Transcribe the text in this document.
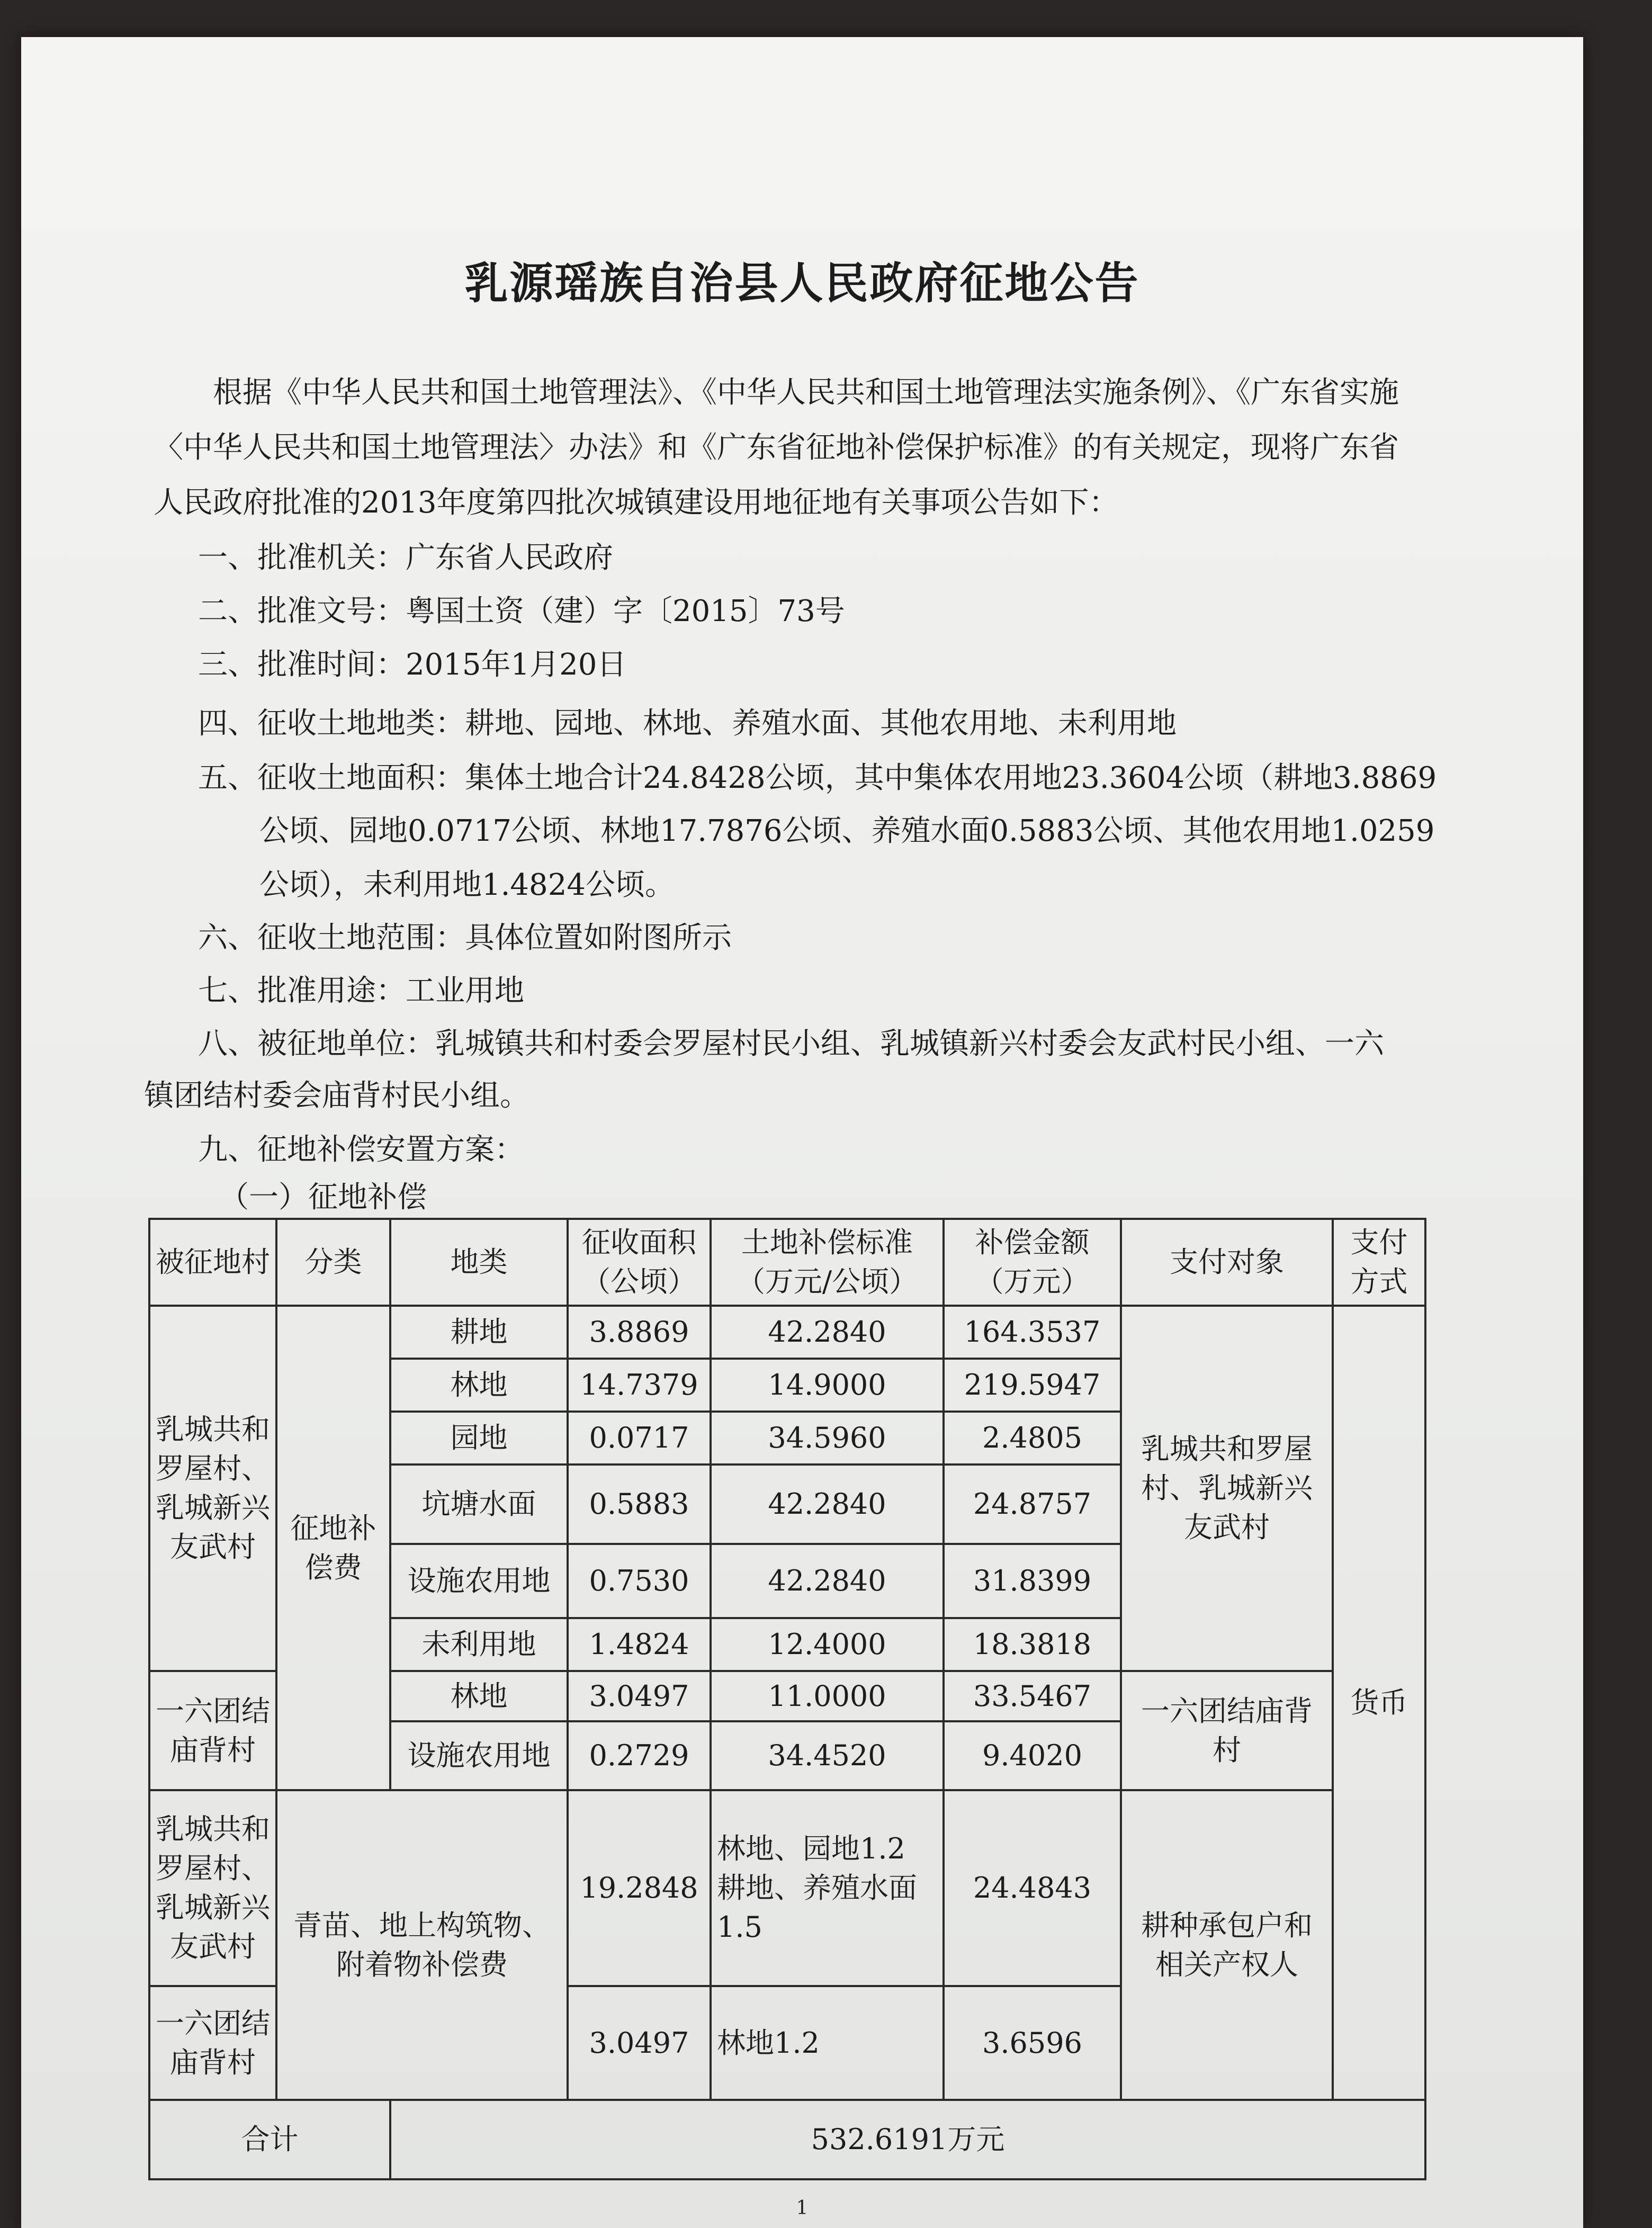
乳源瑶族自治县人民政府征地公告
根据《中华人民共和国土地管理法》、《中华人民共和国土地管理法实施条例》、《广东省实施
〈中华人民共和国土地管理法〉办法》和《广东省征地补偿保护标准》的有关规定，现将广东省
人民政府批准的2013年度第四批次城镇建设用地征地有关事项公告如下：
一、批准机关：广东省人民政府
二、批准文号：粤国土资（建）字〔2015〕73号
三、批准时间：2015年1月20日
四、征收土地地类：耕地、园地、林地、养殖水面、其他农用地、未利用地
五、征收土地面积：集体土地合计24.8428公顷，其中集体农用地23.3604公顷（耕地3.8869
公顷、园地0.0717公顷、林地17.7876公顷、养殖水面0.5883公顷、其他农用地1.0259
公顷），未利用地1.4824公顷。
六、征收土地范围：具体位置如附图所示
七、批准用途：工业用地
八、被征地单位：乳城镇共和村委会罗屋村民小组、乳城镇新兴村委会友武村民小组、一六
镇团结村委会庙背村民小组。
九、征地补偿安置方案：
（一）征地补偿
被征地村	分类	地类	征收面积（公顷）	土地补偿标准（万元/公顷）	补偿金额（万元）	支付对象	支付方式
乳城共和罗屋村、乳城新兴友武村	征地补偿费	耕地	3.8869	42.2840	164.3537	乳城共和罗屋村、乳城新兴友武村	货币
		林地	14.7379	14.9000	219.5947		
		园地	0.0717	34.5960	2.4805		
		坑塘水面	0.5883	42.2840	24.8757		
		设施农用地	0.7530	42.2840	31.8399		
		未利用地	1.4824	12.4000	18.3818		
一六团结庙背村		林地	3.0497	11.0000	33.5467	一六团结庙背村	
		设施农用地	0.2729	34.4520	9.4020		
乳城共和罗屋村、乳城新兴友武村	青苗、地上构筑物、附着物补偿费		19.2848	林地、园地1.2 耕地、养殖水面1.5	24.4843	耕种承包户和相关产权人	
一六团结庙背村			3.0497	林地1.2	3.6596		
合计		532.6191万元					
1
